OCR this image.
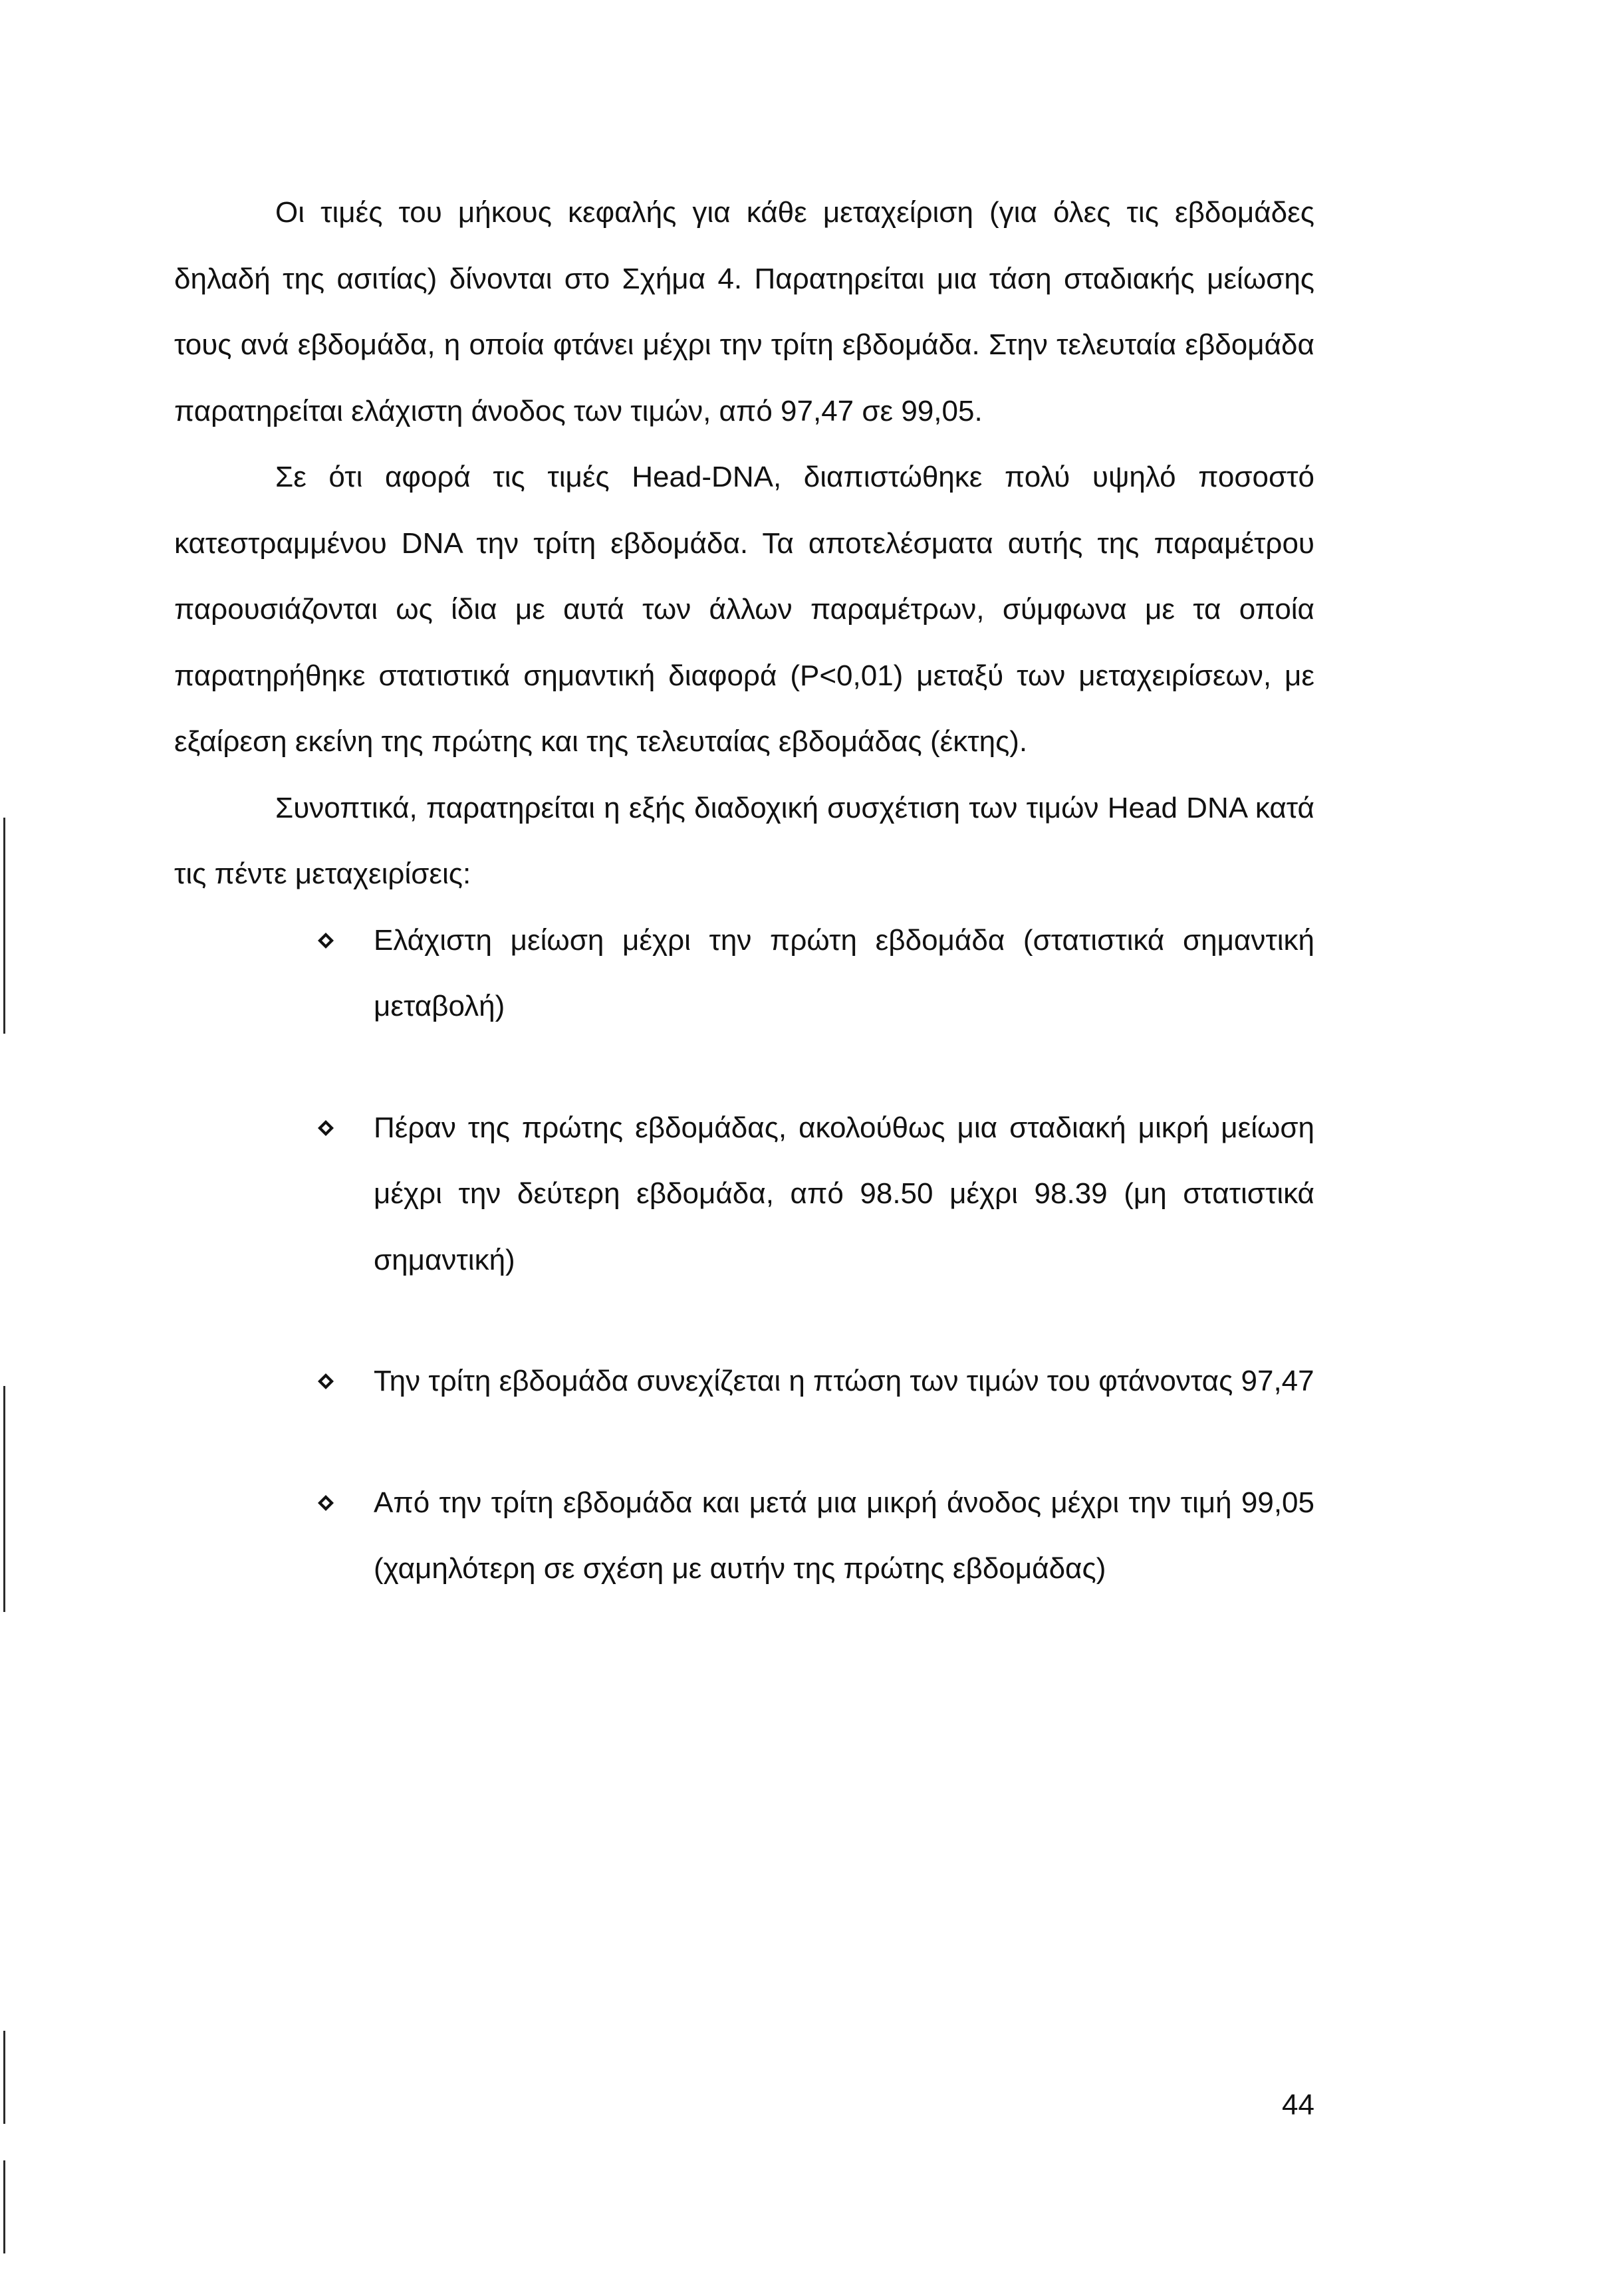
Οι τιμές του μήκους κεφαλής για κάθε μεταχείριση (για όλες τις εβδομάδες δηλαδή της ασιτίας) δίνονται στο Σχήμα 4. Παρατηρείται μια τάση σταδιακής μείωσης τους ανά εβδομάδα, η οποία φτάνει μέχρι την τρίτη εβδομάδα. Στην τελευταία εβδομάδα παρατηρείται ελάχιστη άνοδος των τιμών, από 97,47 σε 99,05.

Σε ότι αφορά τις τιμές Head-DNA, διαπιστώθηκε πολύ υψηλό ποσοστό κατεστραμμένου DNA την τρίτη εβδομάδα. Τα αποτελέσματα αυτής της παραμέτρου παρουσιάζονται ως ίδια με αυτά των άλλων παραμέτρων, σύμφωνα με τα οποία παρατηρήθηκε στατιστικά σημαντική διαφορά (P<0,01) μεταξύ των μεταχειρίσεων, με εξαίρεση εκείνη της πρώτης και της τελευταίας εβδομάδας (έκτης).

Συνοπτικά, παρατηρείται η εξής διαδοχική συσχέτιση των τιμών Head DNA κατά τις πέντε μεταχειρίσεις:

Ελάχιστη μείωση μέχρι την πρώτη εβδομάδα (στατιστικά σημαντική μεταβολή)
Πέραν της πρώτης εβδομάδας, ακολούθως μια σταδιακή μικρή μείωση μέχρι την δεύτερη εβδομάδα, από 98.50 μέχρι 98.39 (μη στατιστικά σημαντική)
Την τρίτη εβδομάδα συνεχίζεται η πτώση των τιμών του φτάνοντας 97,47
Από την τρίτη εβδομάδα και μετά μια μικρή άνοδος μέχρι την τιμή 99,05 (χαμηλότερη σε σχέση με αυτήν της πρώτης εβδομάδας)
44
